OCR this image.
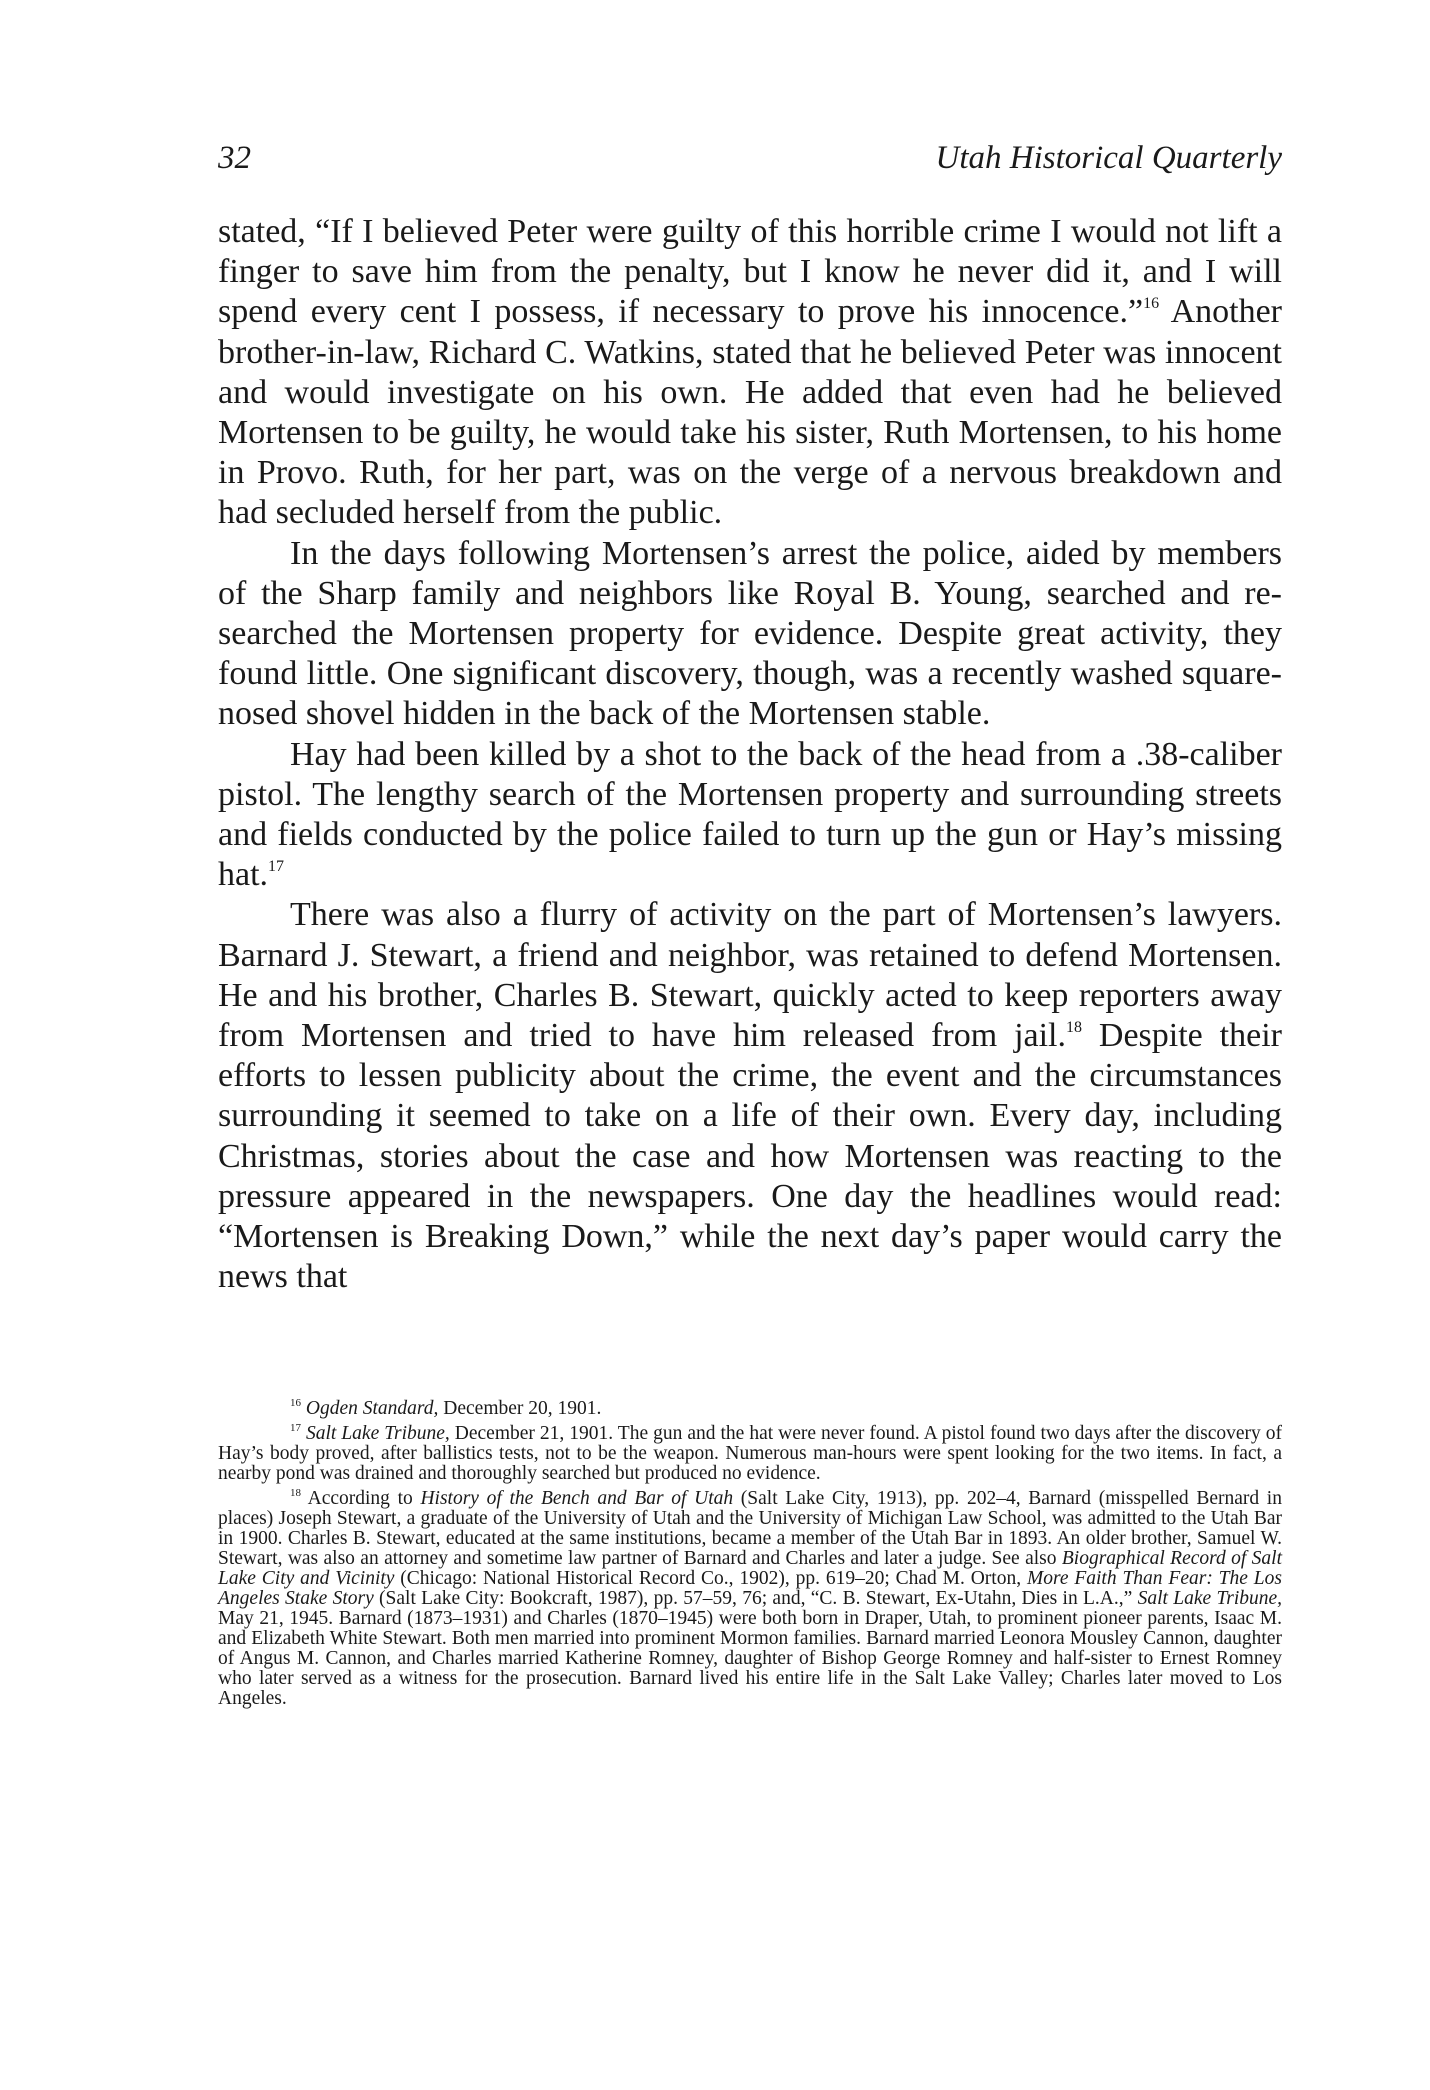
32	Utah Historical Quarterly

stated, “If I believed Peter were guilty of this horrible crime I would not lift a finger to save him from the penalty, but I know he never did it, and I will spend every cent I possess, if necessary to prove his innocence.”$^{16}$ Another brother-in-law, Richard C. Watkins, stated that he believed Peter was innocent and would investigate on his own. He added that even had he believed Mortensen to be guilty, he would take his sister, Ruth Mortensen, to his home in Provo. Ruth, for her part, was on the verge of a nervous breakdown and had secluded herself from the public.

In the days following Mortensen’s arrest the police, aided by members of the Sharp family and neighbors like Royal B. Young, searched and re-searched the Mortensen property for evidence. Despite great activity, they found little. One significant discovery, though, was a recently washed square-nosed shovel hidden in the back of the Mortensen stable.

Hay had been killed by a shot to the back of the head from a .38-caliber pistol. The lengthy search of the Mortensen property and surrounding streets and fields conducted by the police failed to turn up the gun or Hay’s missing hat.$^{17}$

There was also a flurry of activity on the part of Mortensen’s lawyers. Barnard J. Stewart, a friend and neighbor, was retained to defend Mortensen. He and his brother, Charles B. Stewart, quickly acted to keep reporters away from Mortensen and tried to have him released from jail.$^{18}$ Despite their efforts to lessen publicity about the crime, the event and the circumstances surrounding it seemed to take on a life of their own. Every day, including Christmas, stories about the case and how Mortensen was reacting to the pressure appeared in the newspapers. One day the headlines would read: “Mortensen is Breaking Down,” while the next day’s paper would carry the news that

$^{16}$ Ogden Standard, December 20, 1901.

$^{17}$ Salt Lake Tribune, December 21, 1901. The gun and the hat were never found. A pistol found two days after the discovery of Hay’s body proved, after ballistics tests, not to be the weapon. Numerous man-hours were spent looking for the two items. In fact, a nearby pond was drained and thoroughly searched but produced no evidence.

$^{18}$ According to History of the Bench and Bar of Utah (Salt Lake City, 1913), pp. 202–4, Barnard (misspelled Bernard in places) Joseph Stewart, a graduate of the University of Utah and the University of Michigan Law School, was admitted to the Utah Bar in 1900. Charles B. Stewart, educated at the same institutions, became a member of the Utah Bar in 1893. An older brother, Samuel W. Stewart, was also an attorney and sometime law partner of Barnard and Charles and later a judge. See also Biographical Record of Salt Lake City and Vicinity (Chicago: National Historical Record Co., 1902), pp. 619–20; Chad M. Orton, More Faith Than Fear: The Los Angeles Stake Story (Salt Lake City: Bookcraft, 1987), pp. 57–59, 76; and, “C. B. Stewart, Ex-Utahn, Dies in L.A.,” Salt Lake Tribune, May 21, 1945. Barnard (1873–1931) and Charles (1870–1945) were both born in Draper, Utah, to prominent pioneer parents, Isaac M. and Elizabeth White Stewart. Both men married into prominent Mormon families. Barnard married Leonora Mousley Cannon, daughter of Angus M. Cannon, and Charles married Katherine Romney, daughter of Bishop George Romney and half-sister to Ernest Romney who later served as a witness for the prosecution. Barnard lived his entire life in the Salt Lake Valley; Charles later moved to Los Angeles.
